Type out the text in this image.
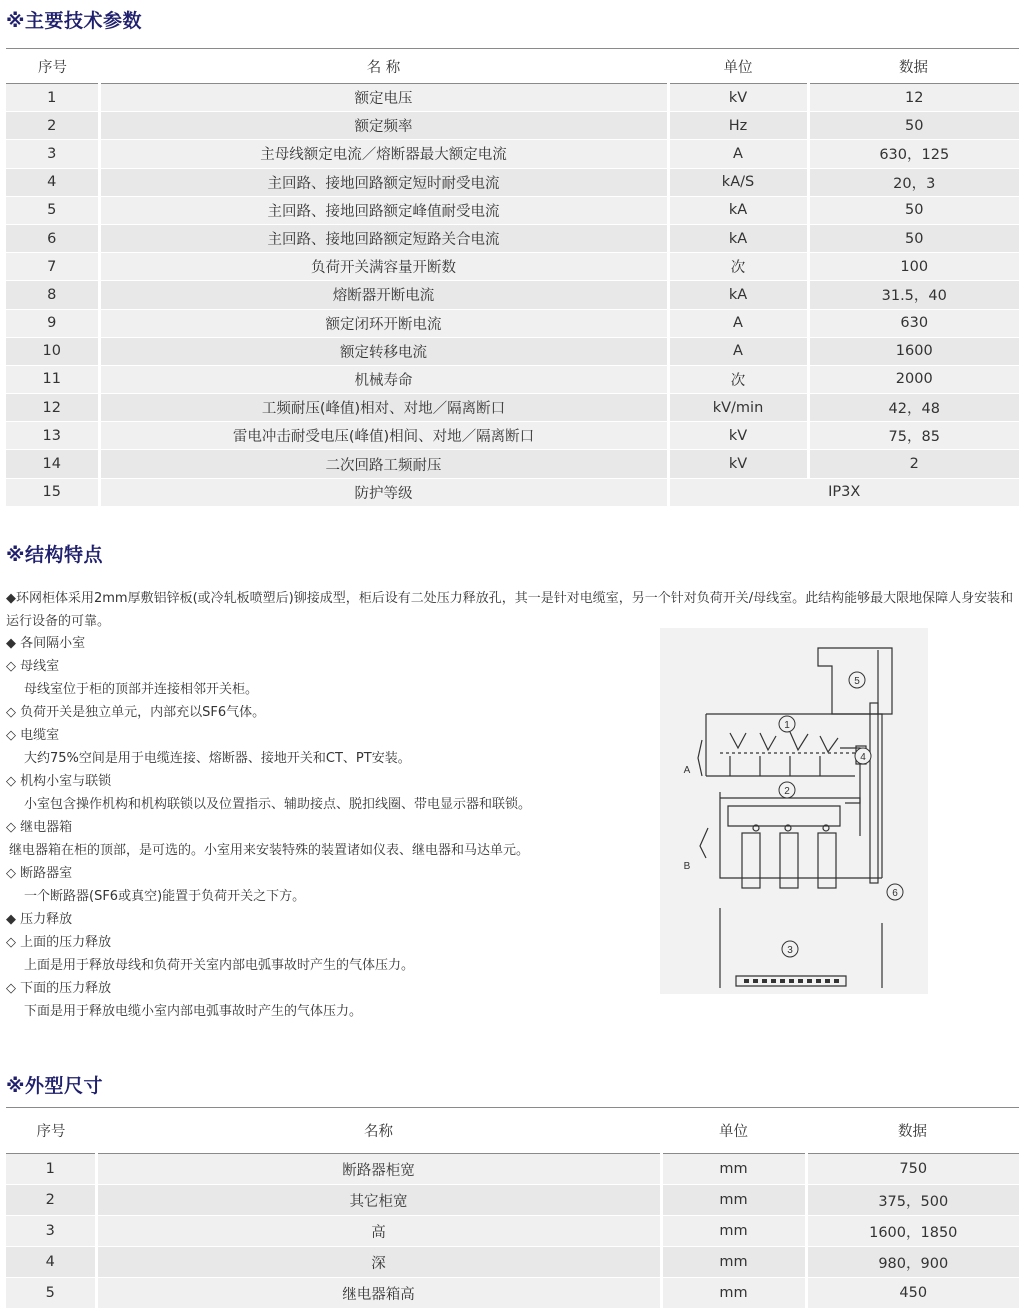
※主要技术参数
序号	名 称	单位	数据
1	额定电压	kV	12
2	额定频率	Hz	50
3	主母线额定电流／熔断器最大额定电流	A	630，125
4	主回路、接地回路额定短时耐受电流	kA/S	20，3
5	主回路、接地回路额定峰值耐受电流	kA	50
6	主回路、接地回路额定短路关合电流	kA	50
7	负荷开关满容量开断数	次	100
8	熔断器开断电流	kA	31.5，40
9	额定闭环开断电流	A	630
10	额定转移电流	A	1600
11	机械寿命	次	2000
12	工频耐压(峰值)相对、对地／隔离断口	kV/min	42，48
13	雷电冲击耐受电压(峰值)相间、对地／隔离断口	kV	75，85
14	二次回路工频耐压	kV	2
15	防护等级	IP3X	
※结构特点
◆环网柜体采用2mm厚敷铝锌板(或冷轧板喷塑后)铆接成型，柜后设有二处压力释放孔，其一是针对电缆室，另一个针对负荷开关/母线室。此结构能够最大限地保障人身安装和运行设备的可靠。
◆ 各间隔小室
◇ 母线室
母线室位于柜的顶部并连接相邻开关柜。
◇ 负荷开关是独立单元，内部充以SF6气体。
◇ 电缆室
大约75%空间是用于电缆连接、熔断器、接地开关和CT、PT安装。
◇ 机构小室与联锁
小室包含操作机构和机构联锁以及位置指示、辅助接点、脱扣线圈、带电显示器和联锁。
◇ 继电器箱
继电器箱在柜的顶部，是可选的。小室用来安装特殊的装置诸如仪表、继电器和马达单元。
◇ 断路器室
一个断路器(SF6或真空)能置于负荷开关之下方。
◆ 压力释放
◇ 上面的压力释放
上面是用于释放母线和负荷开关室内部电弧事故时产生的气体压力。
◇ 下面的压力释放
下面是用于释放电缆小室内部电弧事故时产生的气体压力。
5
1
4
2
6
3
A
B
※外型尺寸
序号	名称	单位	数据
1	断路器柜宽	mm	750
2	其它柜宽	mm	375，500
3	高	mm	1600，1850
4	深	mm	980，900
5	继电器箱高	mm	450
